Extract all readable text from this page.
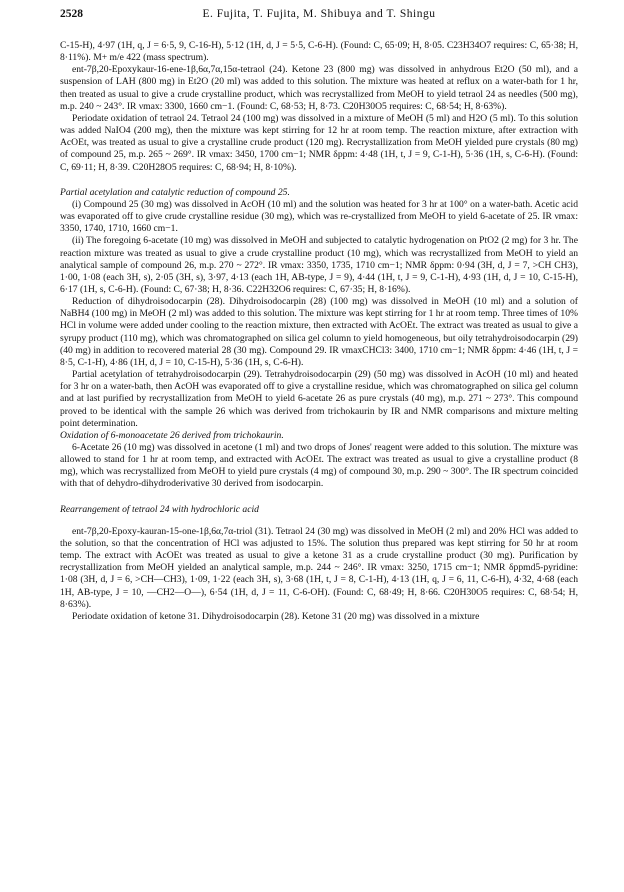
2528	E. Fujita, T. Fujita, M. Shibuya and T. Shingu

C-15-H), 4·97 (1H, q, J = 6·5, 9, C-16-H), 5·12 (1H, d, J = 5·5, C-6-H). (Found: C, 65·09; H, 8·05. C23H34O7 requires: C, 65·38; H, 8·11%). M+ m/e 422 (mass spectrum).

ent-7β,20-Epoxykaur-16-ene-1β,6α,7α,15α-tetraol (24). Ketone 23 (800 mg) was dissolved in anhydrous Et2O (50 ml), and a suspension of LAH (800 mg) in Et2O (20 ml) was added to this solution. The mixture was heated at reflux on a water-bath for 1 hr, then treated as usual to give a crude crystalline product, which was recrystallized from MeOH to yield tetraol 24 as needles (500 mg), m.p. 240 ~ 243°. IR νmax: 3300, 1660 cm−1. (Found: C, 68·53; H, 8·73. C20H30O5 requires: C, 68·54; H, 8·63%).

Periodate oxidation of tetraol 24. Tetraol 24 (100 mg) was dissolved in a mixture of MeOH (5 ml) and H2O (5 ml). To this solution was added NaIO4 (200 mg), then the mixture was kept stirring for 12 hr at room temp. The reaction mixture, after extraction with AcOEt, was treated as usual to give a crystalline crude product (120 mg). Recrystallization from MeOH yielded pure crystals (80 mg) of compound 25, m.p. 265 ~ 269°. IR νmax: 3450, 1700 cm−1; NMR δppm: 4·48 (1H, t, J = 9, C-1-H), 5·36 (1H, s, C-6-H). (Found: C, 69·11; H, 8·39. C20H28O5 requires: C, 68·94; H, 8·10%).

Partial acetylation and catalytic reduction of compound 25.

(i) Compound 25 (30 mg) was dissolved in AcOH (10 ml) and the solution was heated for 3 hr at 100° on a water-bath. Acetic acid was evaporated off to give crude crystalline residue (30 mg), which was re-crystallized from MeOH to yield 6-acetate of 25. IR νmax: 3350, 1740, 1710, 1660 cm−1.

(ii) The foregoing 6-acetate (10 mg) was dissolved in MeOH and subjected to catalytic hydrogenation on PtO2 (2 mg) for 3 hr. The reaction mixture was treated as usual to give a crude crystalline product (10 mg), which was recrystallized from MeOH to yield an analytical sample of compound 26, m.p. 270 ~ 272°. IR νmax: 3350, 1735, 1710 cm−1; NMR δppm: 0·94 (3H, d, J = 7, >CH CH3), 1·00, 1·08 (each 3H, s), 2·05 (3H, s), 3·97, 4·13 (each 1H, AB-type, J = 9), 4·44 (1H, t, J = 9, C-1-H), 4·93 (1H, d, J = 10, C-15-H), 6·17 (1H, s, C-6-H). (Found: C, 67·38; H, 8·36. C22H32O6 requires: C, 67·35; H, 8·16%).

Reduction of dihydroisodocarpin (28). Dihydroisodocarpin (28) (100 mg) was dissolved in MeOH (10 ml) and a solution of NaBH4 (100 mg) in MeOH (2 ml) was added to this solution. The mixture was kept stirring for 1 hr at room temp. Three times of 10% HCl in volume were added under cooling to the reaction mixture, then extracted with AcOEt. The extract was treated as usual to give a syrupy product (110 mg), which was chromatographed on silica gel column to yield homogeneous, but oily tetrahydroisodocarpin (29) (40 mg) in addition to recovered material 28 (30 mg). Compound 29. IR νmaxCHCl3: 3400, 1710 cm−1; NMR δppm: 4·46 (1H, t, J = 8·5, C-1-H), 4·86 (1H, d, J = 10, C-15-H), 5·36 (1H, s, C-6-H).

Partial acetylation of tetrahydroisodocarpin (29). Tetrahydroisodocarpin (29) (50 mg) was dissolved in AcOH (10 ml) and heated for 3 hr on a water-bath, then AcOH was evaporated off to give a crystalline residue, which was chromatographed on silica gel column and at last purified by recrystallization from MeOH to yield 6-acetate 26 as pure crystals (40 mg), m.p. 271 ~ 273°. This compound proved to be identical with the sample 26 which was derived from trichokaurin by IR and NMR comparisons and mixture melting point determination.

Oxidation of 6-monoacetate 26 derived from trichokaurin.

6-Acetate 26 (10 mg) was dissolved in acetone (1 ml) and two drops of Jones' reagent were added to this solution. The mixture was allowed to stand for 1 hr at room temp, and extracted with AcOEt. The extract was treated as usual to give a crystalline product (8 mg), which was recrystallized from MeOH to yield pure crystals (4 mg) of compound 30, m.p. 290 ~ 300°. The IR spectrum coincided with that of dehydro-dihydroderivative 30 derived from isodocarpin.

Rearrangement of tetraol 24 with hydrochloric acid

ent-7β,20-Epoxy-kauran-15-one-1β,6α,7α-triol (31). Tetraol 24 (30 mg) was dissolved in MeOH (2 ml) and 20% HCl was added to the solution, so that the concentration of HCl was adjusted to 15%. The solution thus prepared was kept stirring for 50 hr at room temp. The extract with AcOEt was treated as usual to give a ketone 31 as a crude crystalline product (30 mg). Purification by recrystallization from MeOH yielded an analytical sample, m.p. 244 ~ 246°. IR νmax: 3250, 1715 cm−1; NMR δppmd5-pyridine: 1·08 (3H, d, J = 6, >CH—CH3), 1·09, 1·22 (each 3H, s), 3·68 (1H, t, J = 8, C-1-H), 4·13 (1H, q, J = 6, 11, C-6-H), 4·32, 4·68 (each 1H, AB-type, J = 10, —CH2—O—), 6·54 (1H, d, J = 11, C-6-OH). (Found: C, 68·49; H, 8·66. C20H30O5 requires: C, 68·54; H, 8·63%).

Periodate oxidation of ketone 31. Dihydroisodocarpin (28). Ketone 31 (20 mg) was dissolved in a mixture
